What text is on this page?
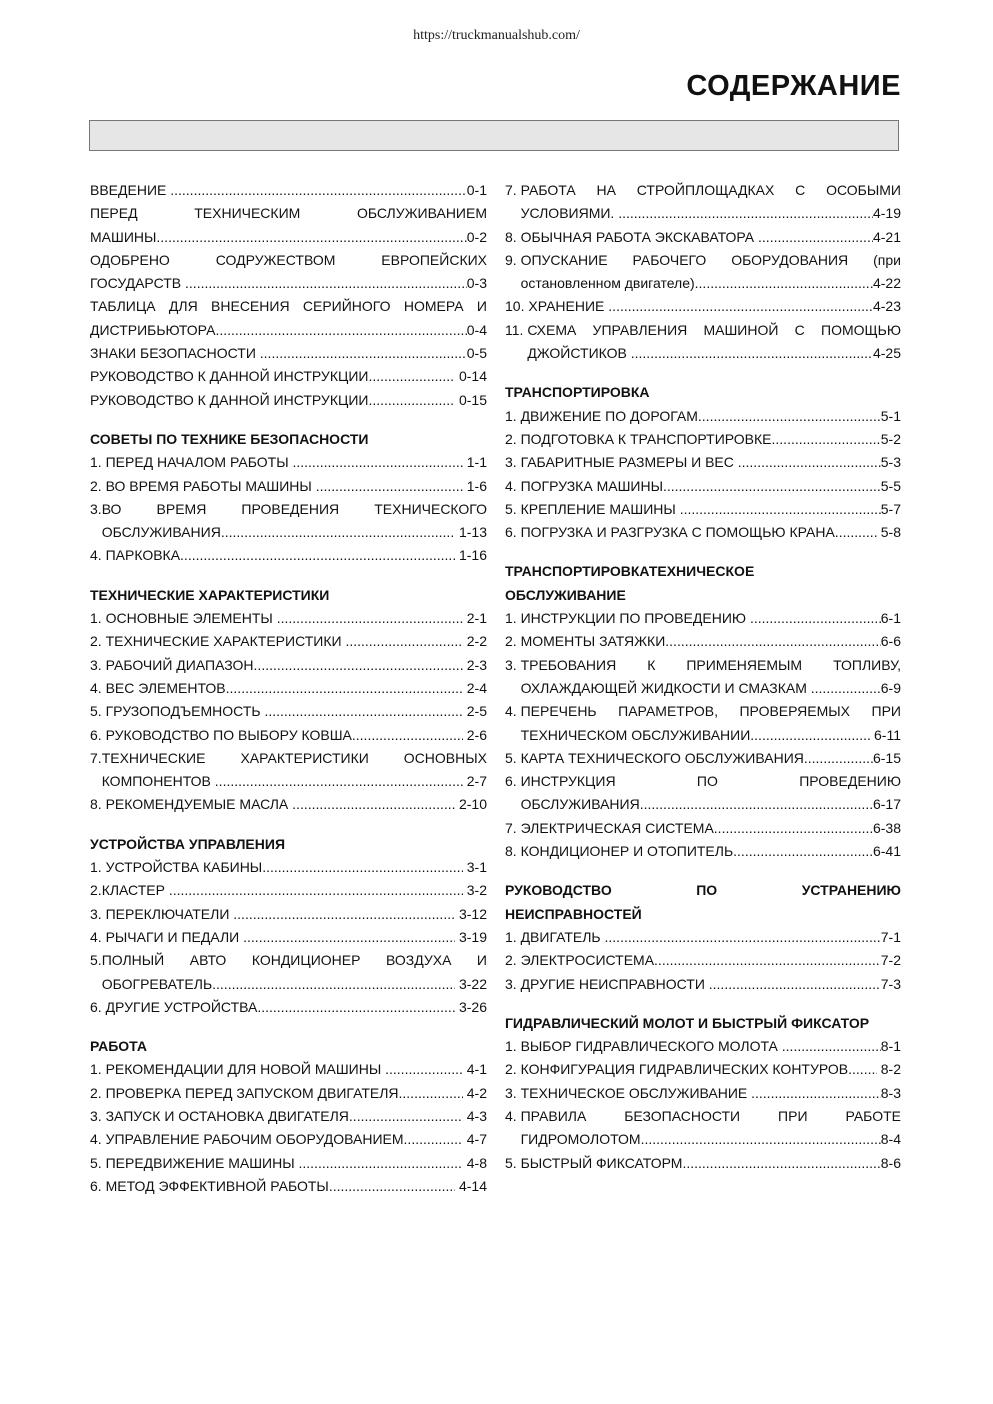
https://truckmanualshub.com/
СОДЕРЖАНИЕ
ВВЕДЕНИЕ .....	0-1
ПЕРЕД ТЕХНИЧЕСКИМ ОБСЛУЖИВАНИЕМ
МАШИНЫ .....	0-2
ОДОБРЕНО СОДРУЖЕСТВОМ ЕВРОПЕЙСКИХ
ГОСУДАРСТВ .....	0-3
ТАБЛИЦА ДЛЯ ВНЕСЕНИЯ СЕРИЙНОГО НОМЕРА И
ДИСТРИБЬЮТОРА .....	0-4
ЗНАКИ БЕЗОПАСНОСТИ .....	0-5
РУКОВОДСТВО К ДАННОЙ ИНСТРУКЦИИ .....	0-14
РУКОВОДСТВО К ДАННОЙ ИНСТРУКЦИИ .....	0-15
СОВЕТЫ ПО ТЕХНИКЕ БЕЗОПАСНОСТИ
1. ПЕРЕД НАЧАЛОМ РАБОТЫ .....	1-1
2. ВО ВРЕМЯ РАБОТЫ МАШИНЫ .....	1-6
3. ВО ВРЕМЯ ПРОВЕДЕНИЯ ТЕХНИЧЕСКОГО
ОБСЛУЖИВАНИЯ .....	1-13
4. ПАРКОВКА .....	1-16
ТЕХНИЧЕСКИЕ ХАРАКТЕРИСТИКИ
1. ОСНОВНЫЕ ЭЛЕМЕНТЫ .....	2-1
2. ТЕХНИЧЕСКИЕ ХАРАКТЕРИСТИКИ .....	2-2
3. РАБОЧИЙ ДИАПАЗОН .....	2-3
4. ВЕС ЭЛЕМЕНТОВ .....	2-4
5. ГРУЗОПОДЪЕМНОСТЬ .....	2-5
6. РУКОВОДСТВО ПО ВЫБОРУ КОВША .....	2-6
7. ТЕХНИЧЕСКИЕ ХАРАКТЕРИСТИКИ ОСНОВНЫХ
КОМПОНЕНТОВ .....	2-7
8. РЕКОМЕНДУЕМЫЕ МАСЛА .....	2-10
УСТРОЙСТВА УПРАВЛЕНИЯ
1. УСТРОЙСТВА КАБИНЫ .....	3-1
2. КЛАСТЕР .....	3-2
3. ПЕРЕКЛЮЧАТЕЛИ .....	3-12
4. РЫЧАГИ И ПЕДАЛИ .....	3-19
5. ПОЛНЫЙ АВТО КОНДИЦИОНЕР ВОЗДУХА И
ОБОГРЕВАТЕЛЬ .....	3-22
6. ДРУГИЕ УСТРОЙСТВА .....	3-26
РАБОТА
1. РЕКОМЕНДАЦИИ ДЛЯ НОВОЙ МАШИНЫ .....	4-1
2. ПРОВЕРКА ПЕРЕД ЗАПУСКОМ ДВИГАТЕЛЯ .....	4-2
3. ЗАПУСК И ОСТАНОВКА ДВИГАТЕЛЯ .....	4-3
4. УПРАВЛЕНИЕ РАБОЧИМ ОБОРУДОВАНИЕМ .....	4-7
5. ПЕРЕДВИЖЕНИЕ МАШИНЫ .....	4-8
6. МЕТОД ЭФФЕКТИВНОЙ РАБОТЫ .....	4-14
7. РАБОТА НА СТРОЙПЛОЩАДКАХ С ОСОБЫМИ
УСЛОВИЯМИ. .....	4-19
8. ОБЫЧНАЯ РАБОТА ЭКСКАВАТОРА .....	4-21
9. ОПУСКАНИЕ РАБОЧЕГО ОБОРУДОВАНИЯ (при
остановленном двигателе) .....	4-22
10. ХРАНЕНИЕ .....	4-23
11. СХЕМА УПРАВЛЕНИЯ МАШИНОЙ С ПОМОЩЬЮ
ДЖОЙСТИКОВ .....	4-25
ТРАНСПОРТИРОВКА
1. ДВИЖЕНИЕ ПО ДОРОГАМ .....	5-1
2. ПОДГОТОВКА К ТРАНСПОРТИРОВКЕ .....	5-2
3. ГАБАРИТНЫЕ РАЗМЕРЫ И ВЕС .....	5-3
4. ПОГРУЗКА МАШИНЫ .....	5-5
5. КРЕПЛЕНИЕ МАШИНЫ .....	5-7
6. ПОГРУЗКА И РАЗГРУЗКА С ПОМОЩЬЮ КРАНА. .....	5-8
ТРАНСПОРТИРОВКАТЕХНИЧЕСКОЕ
ОБСЛУЖИВАНИЕ
1. ИНСТРУКЦИИ ПО ПРОВЕДЕНИЮ .....	6-1
2. МОМЕНТЫ ЗАТЯЖКИ .....	6-6
3. ТРЕБОВАНИЯ К ПРИМЕНЯЕМЫМ ТОПЛИВУ,
ОХЛАЖДАЮЩЕЙ ЖИДКОСТИ И СМАЗКАМ .....	6-9
4. ПЕРЕЧЕНЬ ПАРАМЕТРОВ, ПРОВЕРЯЕМЫХ ПРИ
ТЕХНИЧЕСКОМ ОБСЛУЖИВАНИИ .....	6-11
5. КАРТА ТЕХНИЧЕСКОГО ОБСЛУЖИВАНИЯ .....	6-15
6. ИНСТРУКЦИЯ ПО ПРОВЕДЕНИЮ
ОБСЛУЖИВАНИЯ .....	6-17
7. ЭЛЕКТРИЧЕСКАЯ СИСТЕМА .....	6-38
8. КОНДИЦИОНЕР И ОТОПИТЕЛЬ .....	6-41
РУКОВОДСТВО ПО УСТРАНЕНИЮ
НЕИСПРАВНОСТЕЙ
1. ДВИГАТЕЛЬ .....	7-1
2. ЭЛЕКТРОСИСТЕМА .....	7-2
3. ДРУГИЕ НЕИСПРАВНОСТИ .....	7-3
ГИДРАВЛИЧЕСКИЙ МОЛОТ И БЫСТРЫЙ ФИКСАТОР
1. ВЫБОР ГИДРАВЛИЧЕСКОГО МОЛОТА .....	8-1
2. КОНФИГУРАЦИЯ ГИДРАВЛИЧЕСКИХ КОНТУРОВ ..... 8-2
3. ТЕХНИЧЕСКОЕ ОБСЛУЖИВАНИЕ .....	8-3
4. ПРАВИЛА БЕЗОПАСНОСТИ ПРИ РАБОТЕ
ГИДРОМОЛОТОМ .....	8-4
5. БЫСТРЫЙ ФИКСАТОРМ .....	8-6
